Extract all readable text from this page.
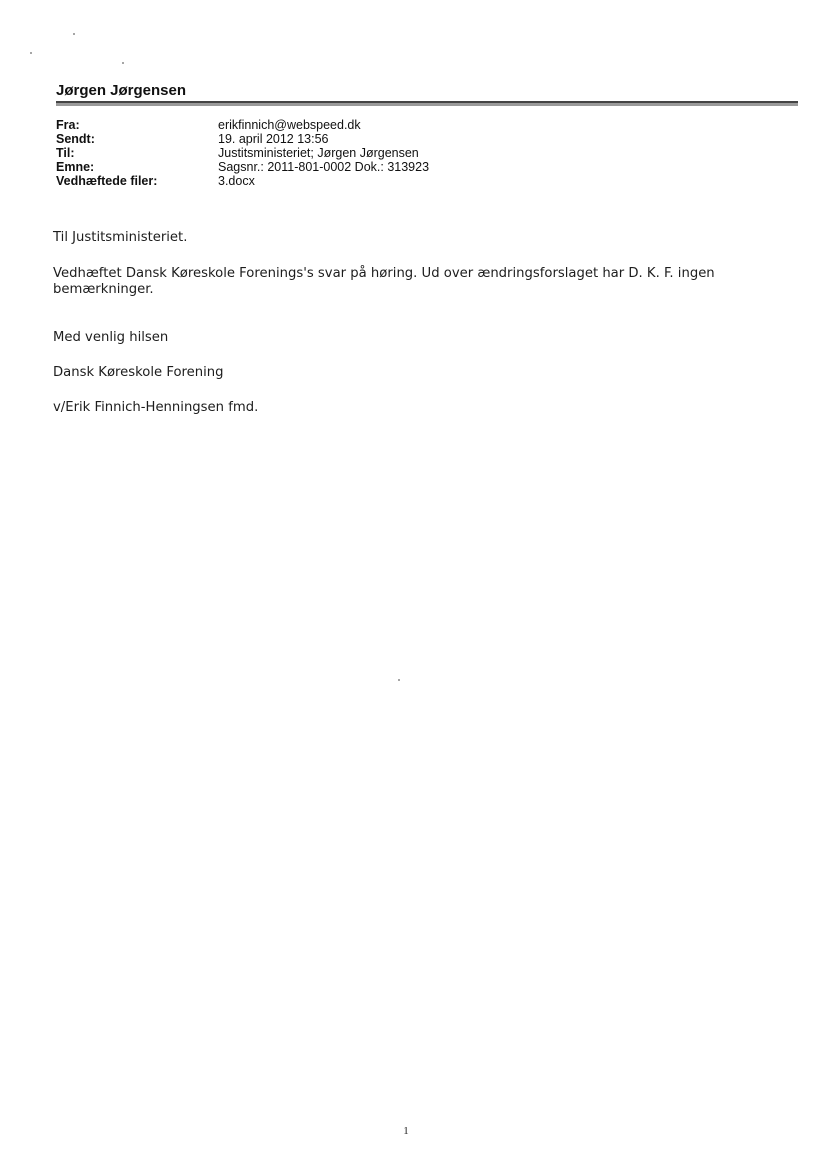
Jørgen Jørgensen
Fra:	erikfinnich@webspeed.dk
Sendt:	19. april 2012 13:56
Til:	Justitsministeriet; Jørgen Jørgensen
Emne:	Sagsnr.: 2011-801-0002 Dok.: 313923
Vedhæftede filer:	3.docx
Til Justitsministeriet.
Vedhæftet Dansk Køreskole Forenings's svar på høring. Ud over ændringsforslaget har D. K. F. ingen bemærkninger.
Med venlig hilsen
Dansk Køreskole Forening
v/Erik Finnich-Henningsen fmd.
1
